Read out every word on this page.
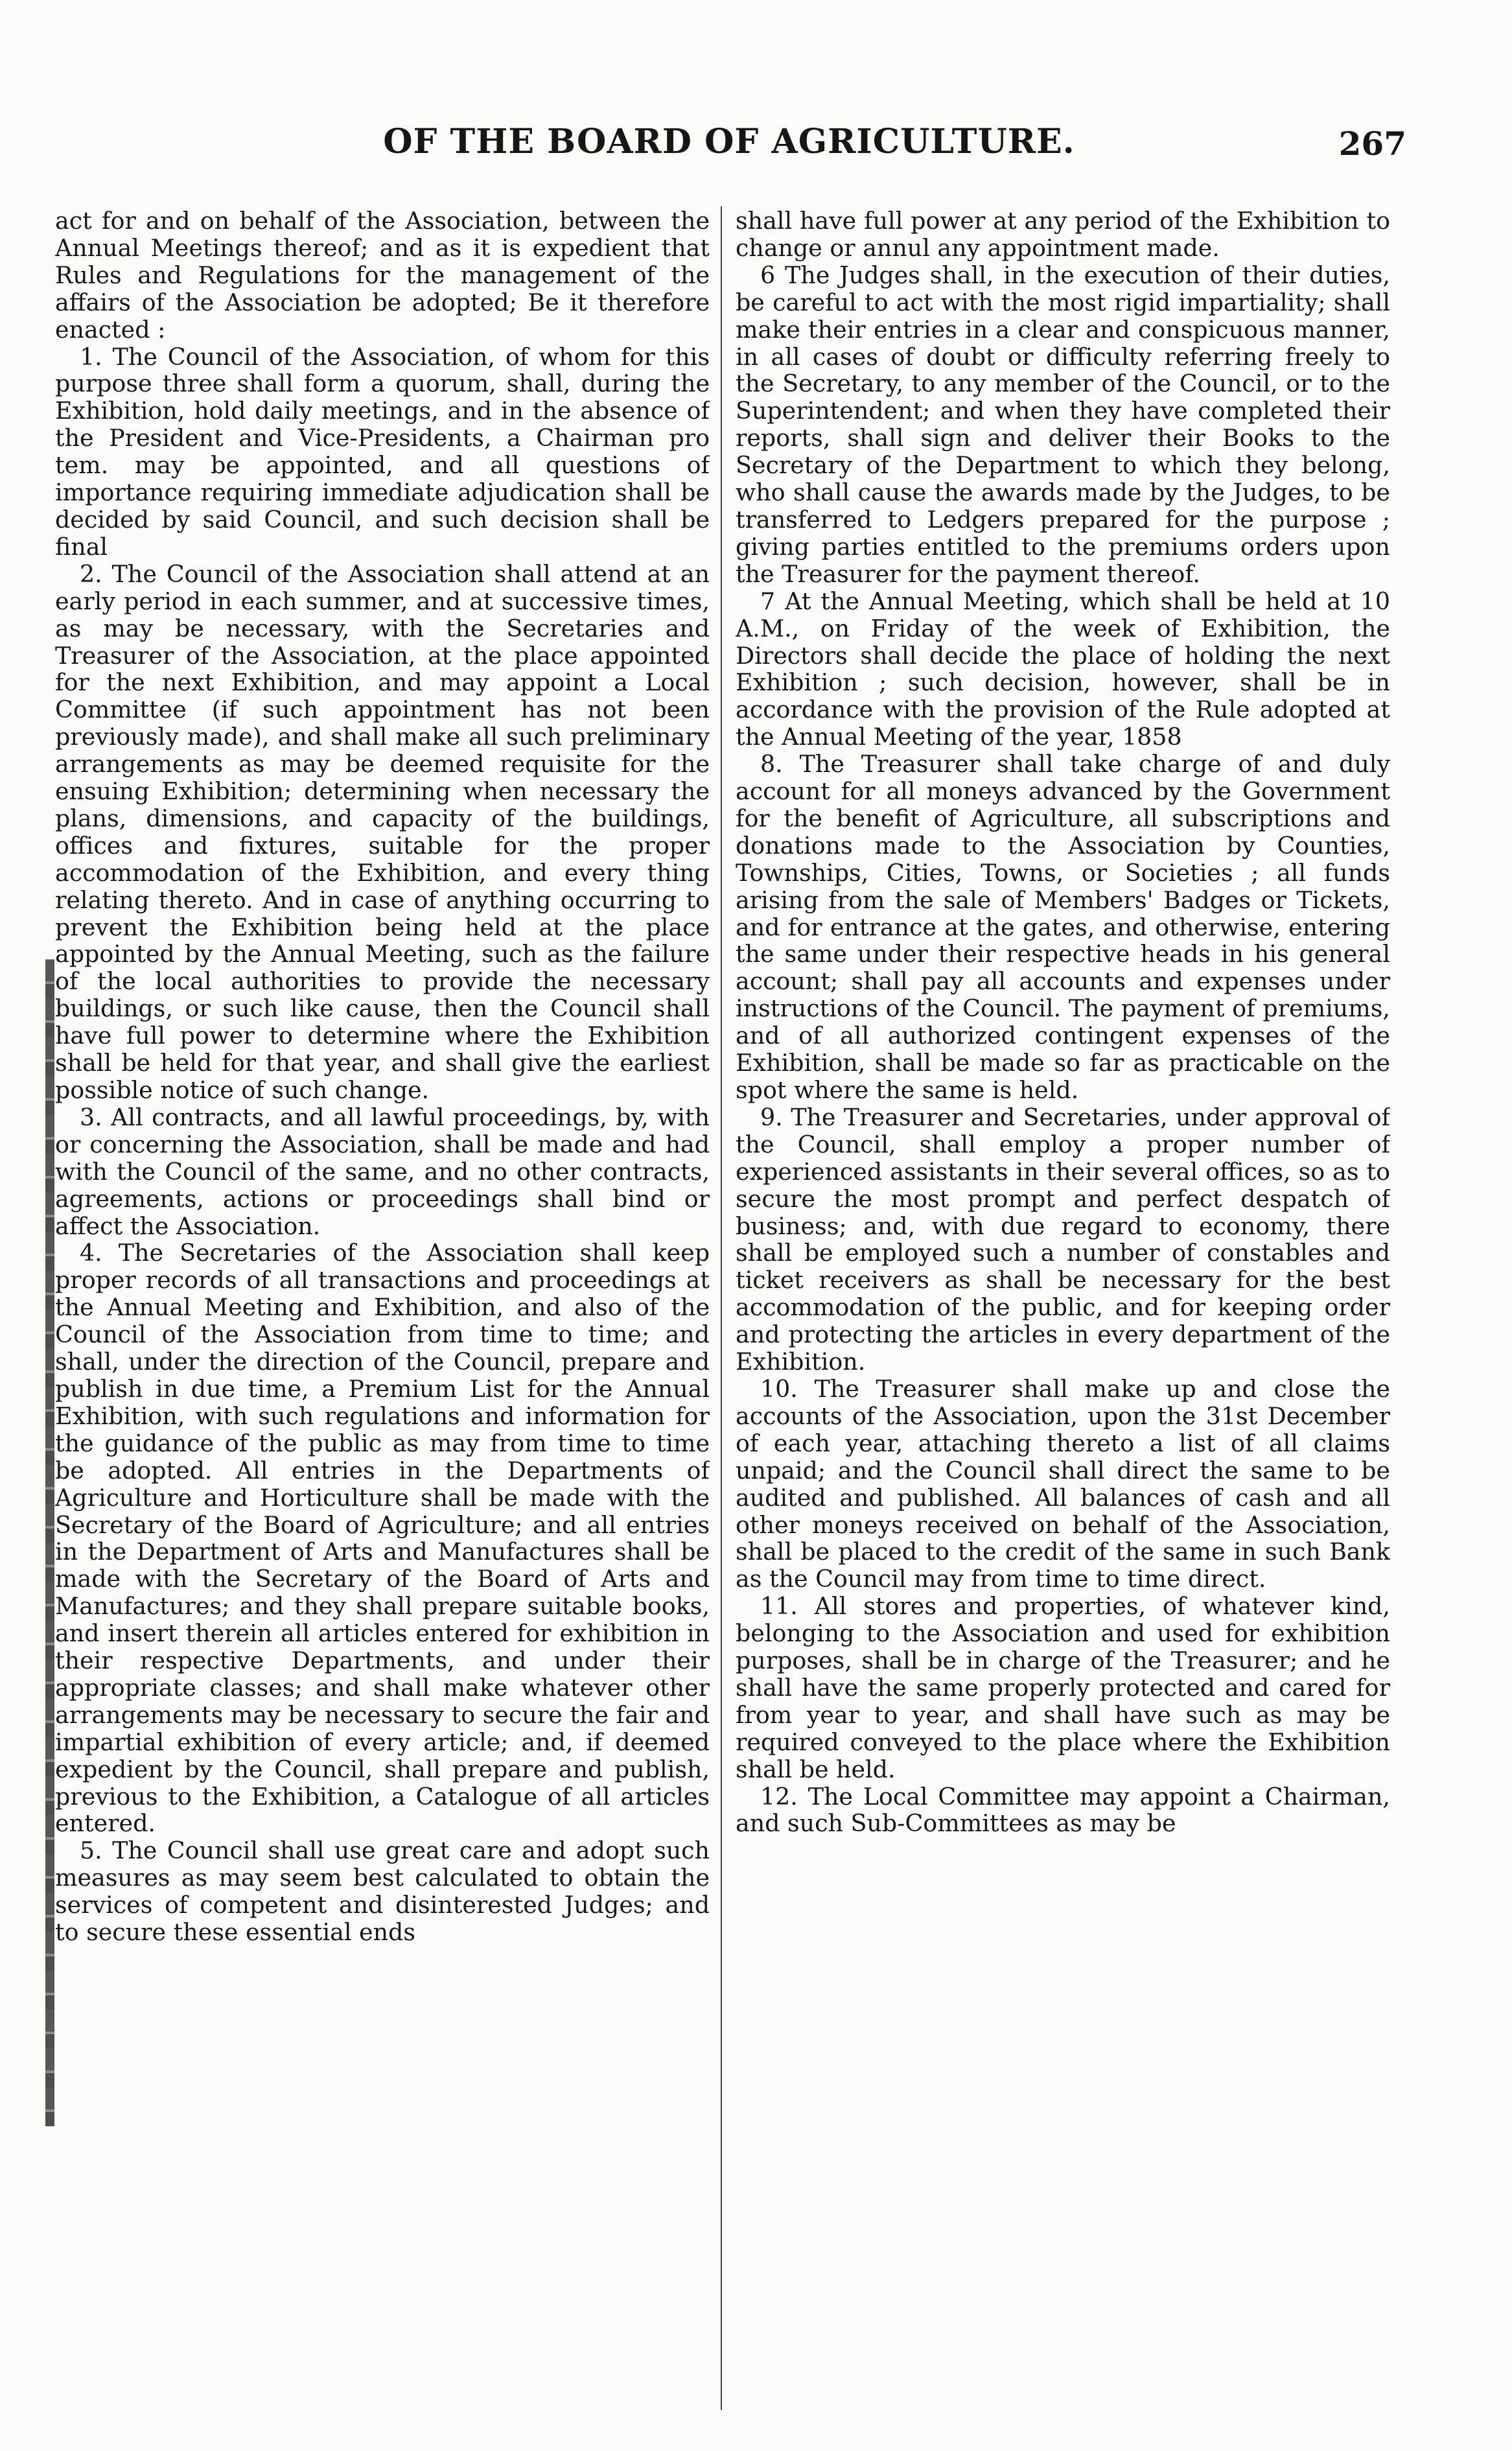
OF THE BOARD OF AGRICULTURE.	267

act for and on behalf of the Association, between the Annual Meetings thereof; and as it is expedient that Rules and Regulations for the management of the affairs of the Association be adopted; Be it therefore enacted :

1. The Council of the Association, of whom for this purpose three shall form a quorum, shall, during the Exhibition, hold daily meetings, and in the absence of the President and Vice-Presidents, a Chairman pro tem. may be appointed, and all questions of importance requiring immediate adjudication shall be decided by said Council, and such decision shall be final

2. The Council of the Association shall attend at an early period in each summer, and at successive times, as may be necessary, with the Secretaries and Treasurer of the Association, at the place appointed for the next Exhibition, and may appoint a Local Committee (if such appointment has not been previously made), and shall make all such preliminary arrangements as may be deemed requisite for the ensuing Exhibition; determining when necessary the plans, dimensions, and capacity of the buildings, offices and fixtures, suitable for the proper accommodation of the Exhibition, and every thing relating thereto. And in case of anything occurring to prevent the Exhibition being held at the place appointed by the Annual Meeting, such as the failure of the local authorities to provide the necessary buildings, or such like cause, then the Council shall have full power to determine where the Exhibition shall be held for that year, and shall give the earliest possible notice of such change.

3. All contracts, and all lawful proceedings, by, with or concerning the Association, shall be made and had with the Council of the same, and no other contracts, agreements, actions or proceedings shall bind or affect the Association.

4. The Secretaries of the Association shall keep proper records of all transactions and proceedings at the Annual Meeting and Exhibition, and also of the Council of the Association from time to time; and shall, under the direction of the Council, prepare and publish in due time, a Premium List for the Annual Exhibition, with such regulations and information for the guidance of the public as may from time to time be adopted. All entries in the Departments of Agriculture and Horticulture shall be made with the Secretary of the Board of Agriculture; and all entries in the Department of Arts and Manufactures shall be made with the Secretary of the Board of Arts and Manufactures; and they shall prepare suitable books, and insert therein all articles entered for exhibition in their respective Departments, and under their appropriate classes; and shall make whatever other arrangements may be necessary to secure the fair and impartial exhibition of every article; and, if deemed expedient by the Council, shall prepare and publish, previous to the Exhibition, a Catalogue of all articles entered.

5. The Council shall use great care and adopt such measures as may seem best calculated to obtain the services of competent and disinterested Judges; and to secure these essential ends

shall have full power at any period of the Exhibition to change or annul any appointment made.

6 The Judges shall, in the execution of their duties, be careful to act with the most rigid impartiality; shall make their entries in a clear and conspicuous manner, in all cases of doubt or difficulty referring freely to the Secretary, to any member of the Council, or to the Superintendent; and when they have completed their reports, shall sign and deliver their Books to the Secretary of the Department to which they belong, who shall cause the awards made by the Judges, to be transferred to Ledgers prepared for the purpose ; giving parties entitled to the premiums orders upon the Treasurer for the payment thereof.

7 At the Annual Meeting, which shall be held at 10 A.M., on Friday of the week of Exhibition, the Directors shall decide the place of holding the next Exhibition ; such decision, however, shall be in accordance with the provision of the Rule adopted at the Annual Meeting of the year, 1858

8. The Treasurer shall take charge of and duly account for all moneys advanced by the Government for the benefit of Agriculture, all subscriptions and donations made to the Association by Counties, Townships, Cities, Towns, or Societies ; all funds arising from the sale of Members' Badges or Tickets, and for entrance at the gates, and otherwise, entering the same under their respective heads in his general account; shall pay all accounts and expenses under instructions of the Council. The payment of premiums, and of all authorized contingent expenses of the Exhibition, shall be made so far as practicable on the spot where the same is held.

9. The Treasurer and Secretaries, under approval of the Council, shall employ a proper number of experienced assistants in their several offices, so as to secure the most prompt and perfect despatch of business; and, with due regard to economy, there shall be employed such a number of constables and ticket receivers as shall be necessary for the best accommodation of the public, and for keeping order and protecting the articles in every department of the Exhibition.

10. The Treasurer shall make up and close the accounts of the Association, upon the 31st December of each year, attaching thereto a list of all claims unpaid; and the Council shall direct the same to be audited and published. All balances of cash and all other moneys received on behalf of the Association, shall be placed to the credit of the same in such Bank as the Council may from time to time direct.

11. All stores and properties, of whatever kind, belonging to the Association and used for exhibition purposes, shall be in charge of the Treasurer; and he shall have the same properly protected and cared for from year to year, and shall have such as may be required conveyed to the place where the Exhibition shall be held.

12. The Local Committee may appoint a Chairman, and such Sub-Committees as may be
